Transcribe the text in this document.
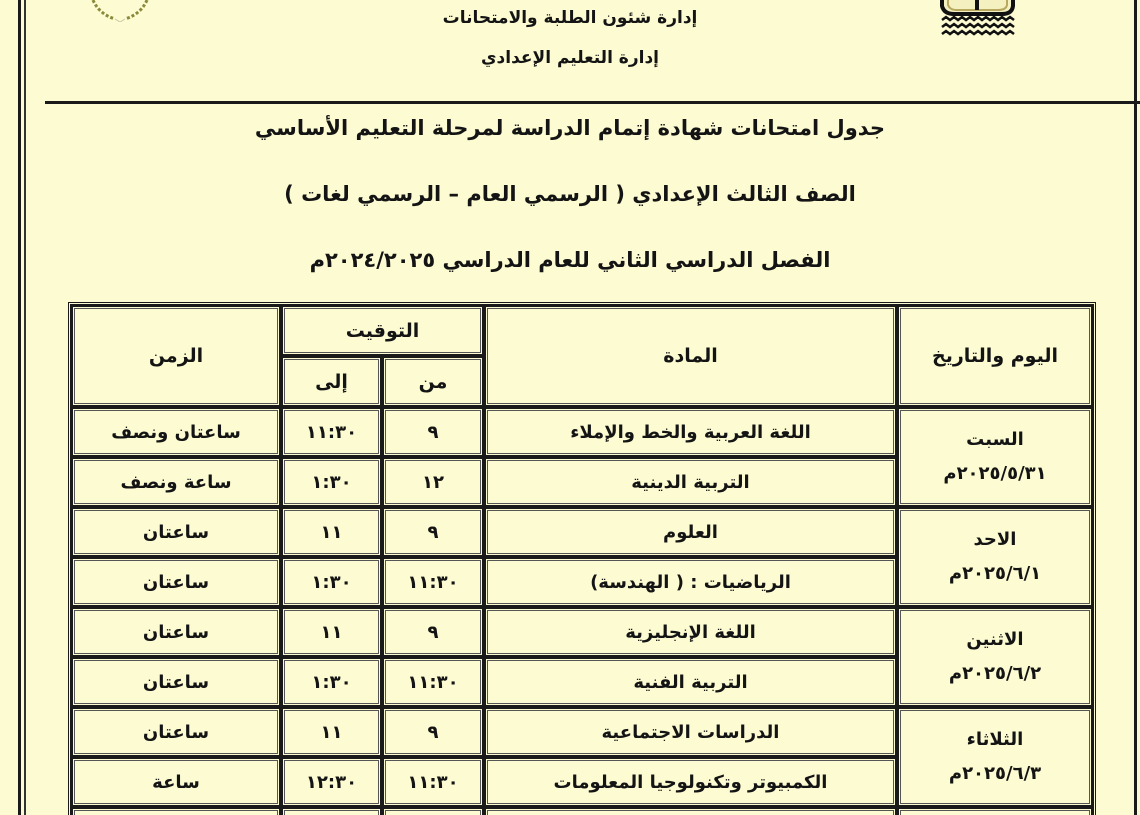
إدارة شئون الطلبة والامتحانات
إدارة التعليم الإعدادي
جدول امتحانات شهادة إتمام الدراسة لمرحلة التعليم الأساسي
الصف الثالث الإعدادي ( الرسمي العام – الرسمي لغات )
الفصل الدراسي الثاني للعام الدراسي ٢٠٢٤/٢٠٢٥م
اليوم والتاريخ	المادة	التوقيت		الزمن
		من	إلى	

السبت
٢٠٢٥/٥/٣١م	اللغة العربية والخط والإملاء	٩	١١:٣٠	ساعتان ونصف
	التربية الدينية	١٢	١:٣٠	ساعة ونصف

الاحد
٢٠٢٥/٦/١م	العلوم	٩	١١	ساعتان
	الرياضيات : ( الهندسة)	١١:٣٠	١:٣٠	ساعتان

الاثنين
٢٠٢٥/٦/٢م	اللغة الإنجليزية	٩	١١	ساعتان
	التربية الفنية	١١:٣٠	١:٣٠	ساعتان

الثلاثاء
٢٠٢٥/٦/٣م	الدراسات الاجتماعية	٩	١١	ساعتان
	الكمبيوتر وتكنولوجيا المعلومات	١١:٣٠	١٢:٣٠	ساعة
